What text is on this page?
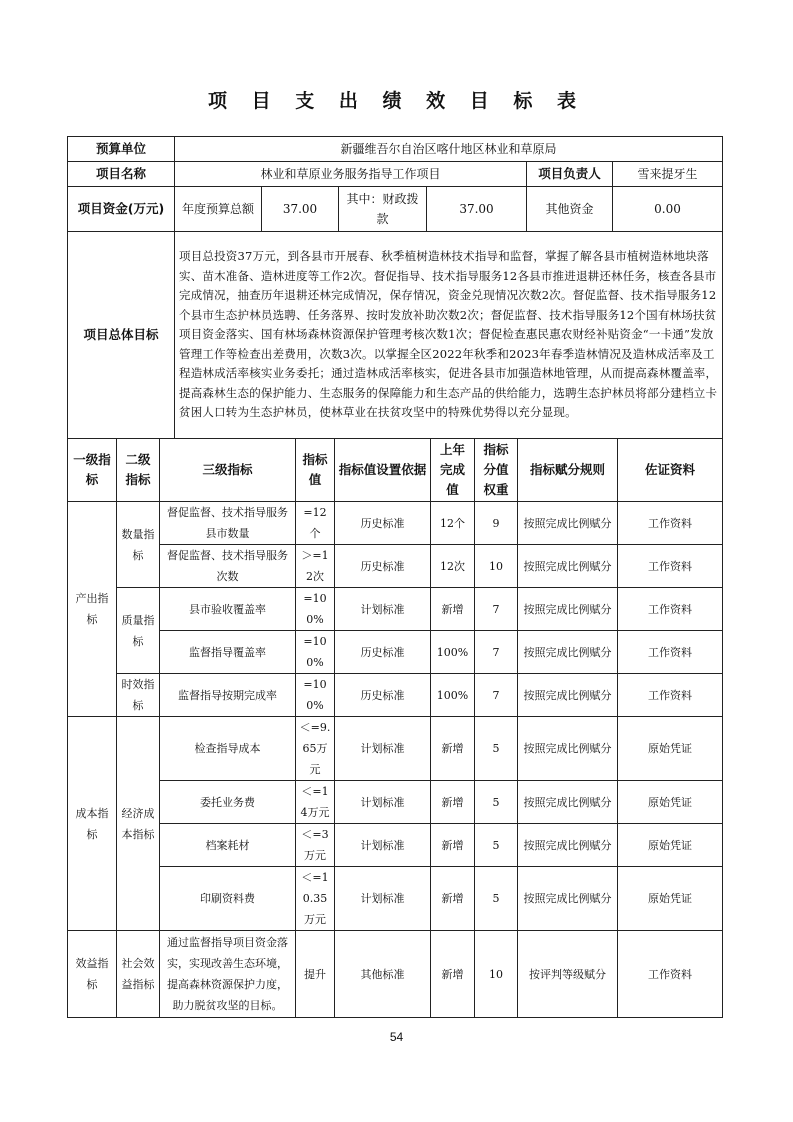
项 目 支 出 绩 效 目 标 表
预算单位	新疆维吾尔自治区喀什地区林业和草原局					
项目名称	林业和草原业务服务指导工作项目				项目负责人	雪来提牙生
项目资金(万元)	年度预算总额	37.00	其中：财政拨款	37.00	其他资金	0.00
项目总体目标	项目总投资37万元，到各县市开展春、秋季植树造林技术指导和监督，掌握了解各县市植树造林地块落实、苗木准备、造林进度等工作2次。督促指导、技术指导服务12各县市推进退耕还林任务，核查各县市完成情况，抽查历年退耕还林完成情况，保存情况，资金兑现情况次数2次。督促监督、技术指导服务12个县市生态护林员选聘、任务落界、按时发放补助次数2次；督促监督、技术指导服务12个国有林场扶贫项目资金落实、国有林场森林资源保护管理考核次数1次；督促检查惠民惠农财经补贴资金“一卡通”发放管理工作等检查出差费用，次数3次。以掌握全区2022年秋季和2023年春季造林情况及造林成活率及工程造林成活率核实业务委托；通过造林成活率核实，促进各县市加强造林地管理，从而提高森林覆盖率，提高森林生态的保护能力、生态服务的保障能力和生态产品的供给能力，选聘生态护林员将部分建档立卡贫困人口转为生态护林员，使林草业在扶贫攻坚中的特殊优势得以充分显现。					
一级指标	二级指标	三级指标	指标值	指标值设置依据	上年完成值	指标分值权重	指标赋分规则	佐证资料
产出指标	数量指标	督促监督、技术指导服务县市数量	=12个	历史标准	12个	9	按照完成比例赋分	工作资料
		督促监督、技术指导服务次数	＞=12次	历史标准	12次	10	按照完成比例赋分	工作资料
	质量指标	县市验收覆盖率	=100%	计划标准	新增	7	按照完成比例赋分	工作资料
		监督指导覆盖率	=100%	历史标准	100%	7	按照完成比例赋分	工作资料
	时效指标	监督指导按期完成率	=100%	历史标准	100%	7	按照完成比例赋分	工作资料
成本指标	经济成本指标	检查指导成本	＜=9.65万元	计划标准	新增	5	按照完成比例赋分	原始凭证
		委托业务费	＜=14万元	计划标准	新增	5	按照完成比例赋分	原始凭证
		档案耗材	＜=3万元	计划标准	新增	5	按照完成比例赋分	原始凭证
		印刷资料费	＜=10.35万元	计划标准	新增	5	按照完成比例赋分	原始凭证
效益指标	社会效益指标	通过监督指导项目资金落实，实现改善生态环境，提高森林资源保护力度，助力脱贫攻坚的目标。	提升	其他标准	新增	10	按评判等级赋分	工作资料
54
